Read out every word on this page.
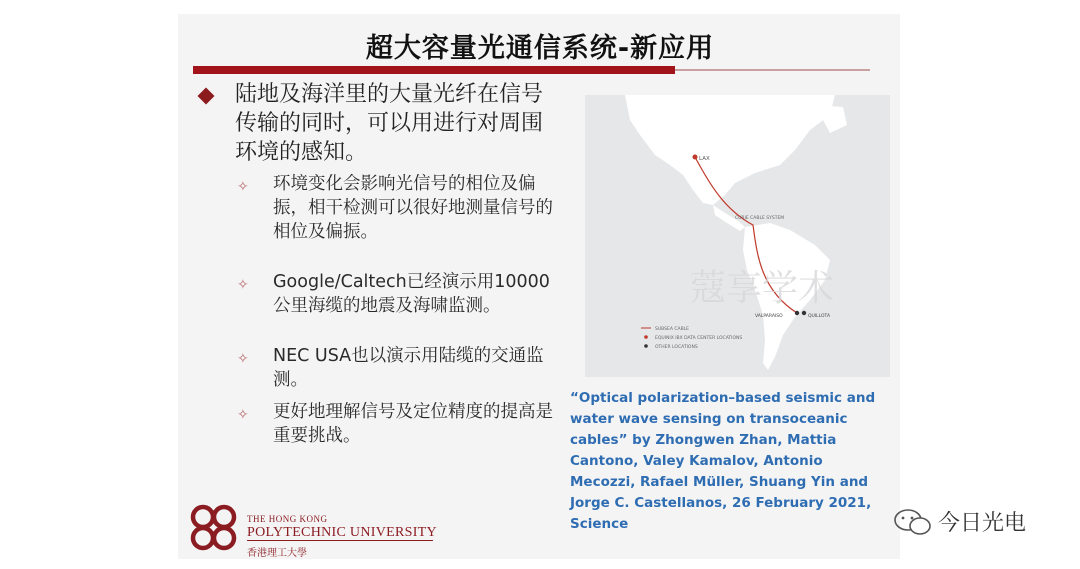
超大容量光通信系统-新应用
陆地及海洋里的大量光纤在信号传输的同时，可以用进行对周围环境的感知。
✧ 环境变化会影响光信号的相位及偏振，相干检测可以很好地测量信号的相位及偏振。
✧ Google/Caltech已经演示用10000公里海缆的地震及海啸监测。
✧ NEC USA也以演示用陆缆的交通监测。
✧ 更好地理解信号及定位精度的提高是重要挑战。
LAX
CURIE CABLE SYSTEM
VALPARAISO	QUILLOTA
蔻享学术
SUBSEA CABLE
EQUINIX IBX DATA CENTER LOCATIONS
OTHER LOCATIONS
“Optical polarization–based seismic and water wave sensing on transoceanic cables” by Zhongwen Zhan, Mattia Cantono, Valey Kamalov, Antonio Mecozzi, Rafael Müller, Shuang Yin and Jorge C. Castellanos, 26 February 2021, Science
THE HONG KONG
POLYTECHNIC UNIVERSITY
香港理工大學
今日光电
